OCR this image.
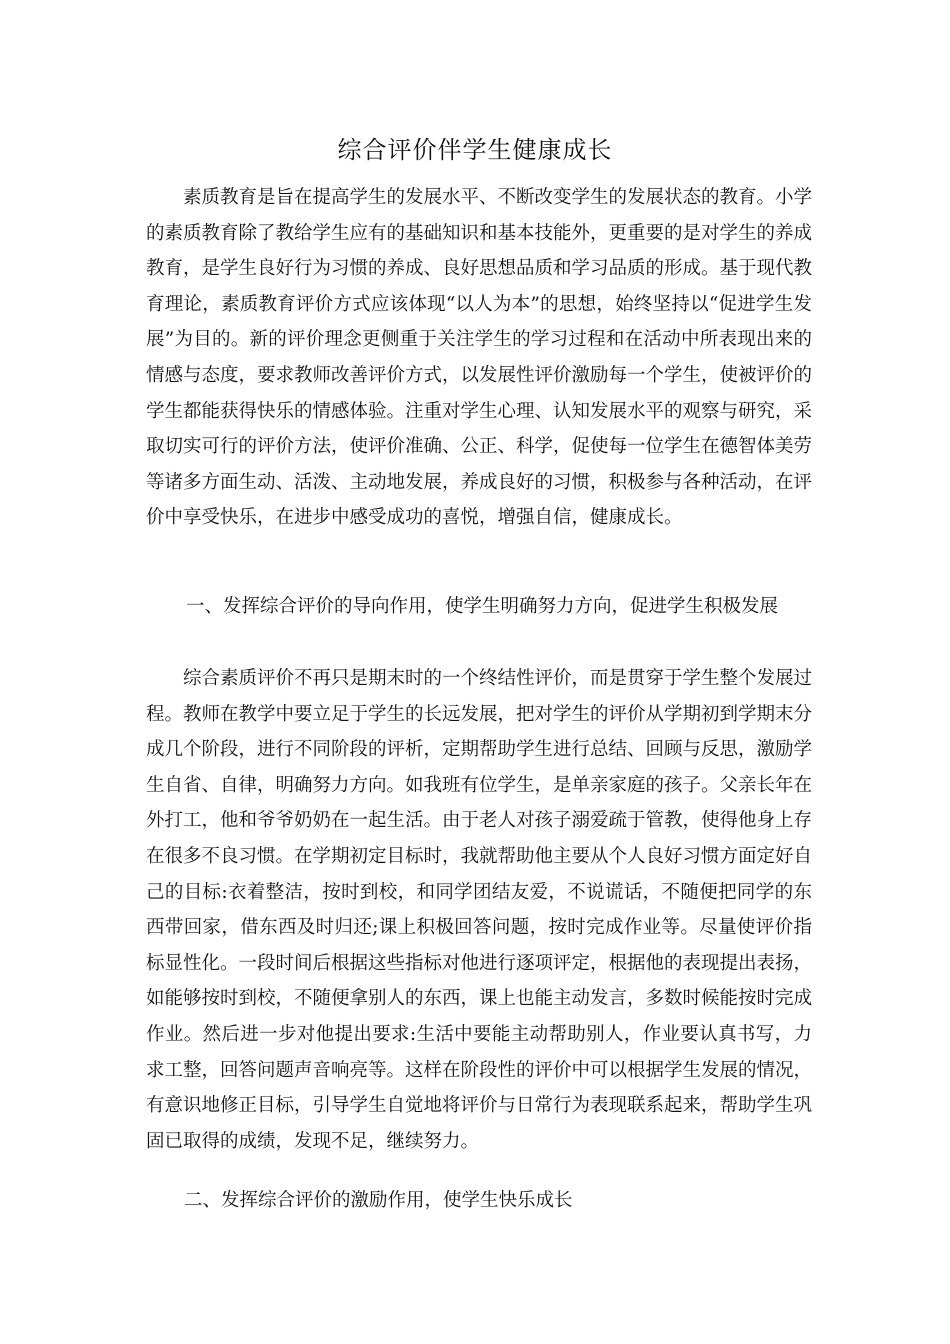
综合评价伴学生健康成长

素质教育是旨在提高学生的发展水平、不断改变学生的发展状态的教育。小学的素质教育除了教给学生应有的基础知识和基本技能外，更重要的是对学生的养成教育，是学生良好行为习惯的养成、良好思想品质和学习品质的形成。基于现代教育理论，素质教育评价方式应该体现“以人为本”的思想，始终坚持以“促进学生发展”为目的。新的评价理念更侧重于关注学生的学习过程和在活动中所表现出来的情感与态度，要求教师改善评价方式，以发展性评价激励每一个学生，使被评价的学生都能获得快乐的情感体验。注重对学生心理、认知发展水平的观察与研究，采取切实可行的评价方法，使评价准确、公正、科学，促使每一位学生在德智体美劳等诸多方面生动、活泼、主动地发展，养成良好的习惯，积极参与各种活动，在评价中享受快乐，在进步中感受成功的喜悦，增强自信，健康成长。

一、发挥综合评价的导向作用，使学生明确努力方向，促进学生积极发展

综合素质评价不再只是期末时的一个终结性评价，而是贯穿于学生整个发展过程。教师在教学中要立足于学生的长远发展，把对学生的评价从学期初到学期末分成几个阶段，进行不同阶段的评析，定期帮助学生进行总结、回顾与反思，激励学生自省、自律，明确努力方向。如我班有位学生，是单亲家庭的孩子。父亲长年在外打工，他和爷爷奶奶在一起生活。由于老人对孩子溺爱疏于管教，使得他身上存在很多不良习惯。在学期初定目标时，我就帮助他主要从个人良好习惯方面定好自己的目标:衣着整洁，按时到校，和同学团结友爱，不说谎话，不随便把同学的东西带回家，借东西及时归还;课上积极回答问题，按时完成作业等。尽量使评价指标显性化。一段时间后根据这些指标对他进行逐项评定，根据他的表现提出表扬，如能够按时到校，不随便拿别人的东西，课上也能主动发言，多数时候能按时完成作业。然后进一步对他提出要求:生活中要能主动帮助别人，作业要认真书写，力求工整，回答问题声音响亮等。这样在阶段性的评价中可以根据学生发展的情况，有意识地修正目标，引导学生自觉地将评价与日常行为表现联系起来，帮助学生巩固已取得的成绩，发现不足，继续努力。

二、发挥综合评价的激励作用，使学生快乐成长
